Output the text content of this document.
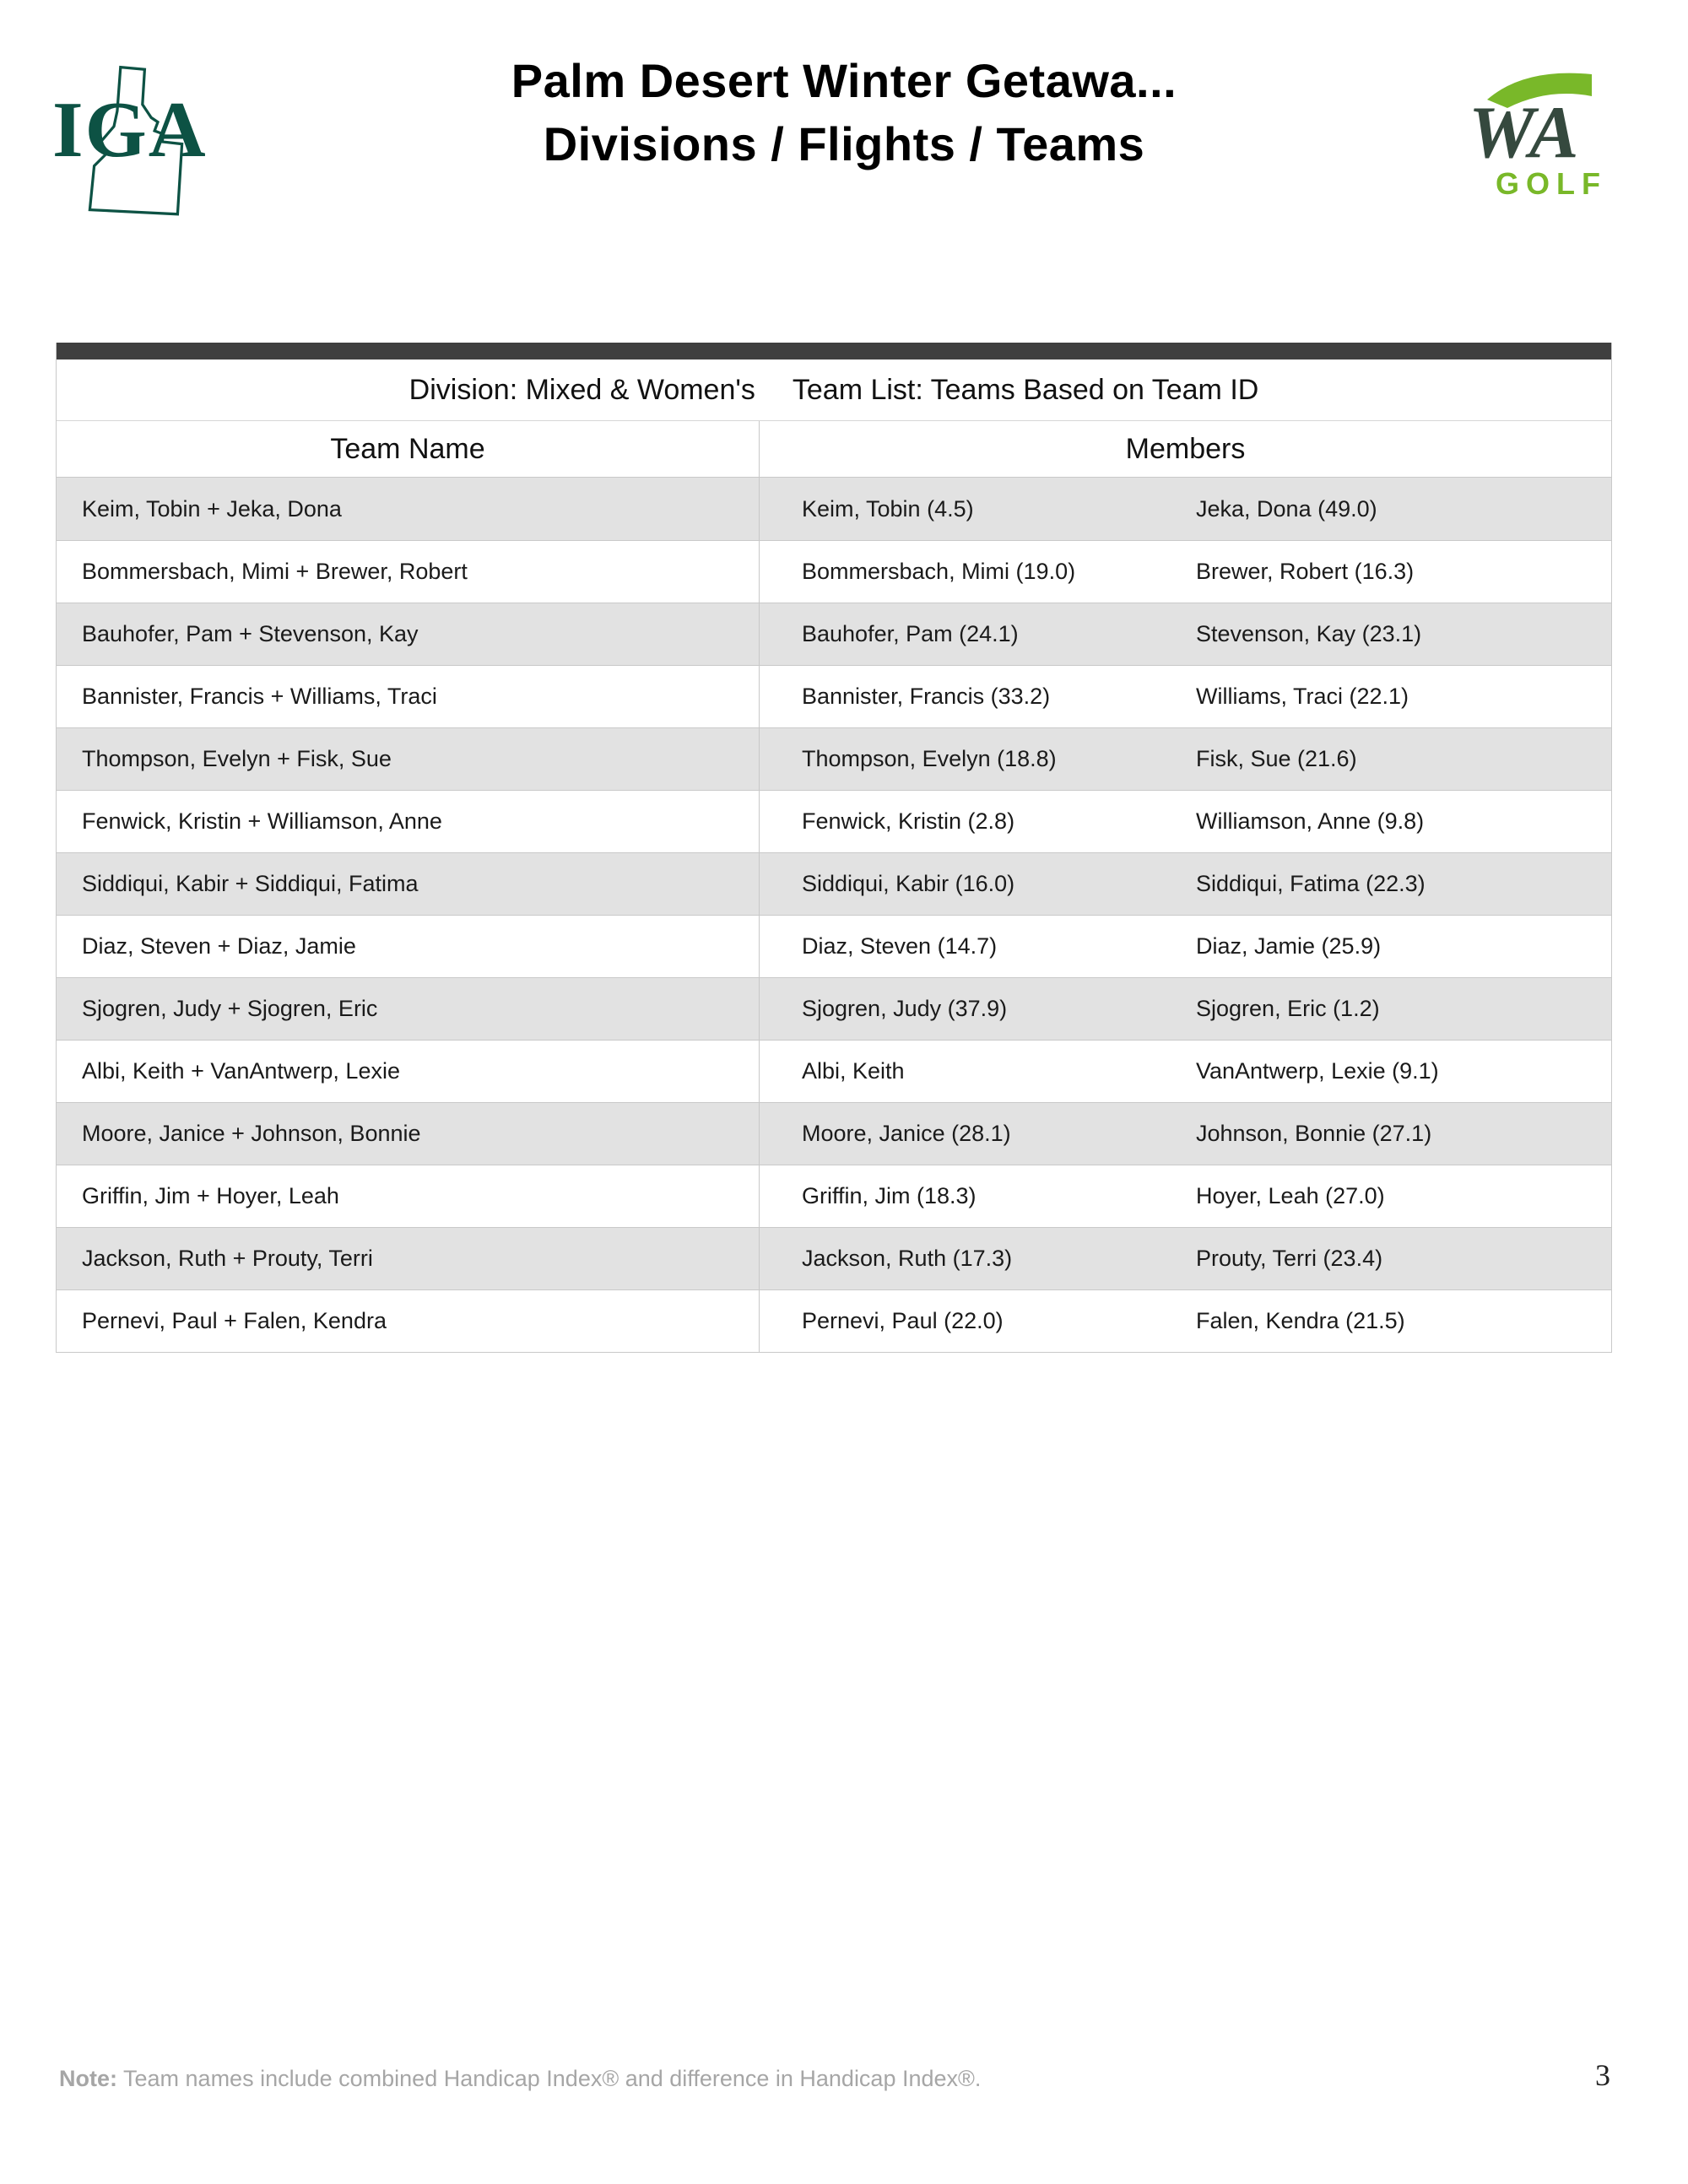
IGA
Palm Desert Winter Getawa...
Divisions / Flights / Teams	WA
GOLF
Division: Mixed & Women's Team List: Teams Based on Team ID
Team Name	Members
Keim, Tobin + Jeka, Dona	Keim, Tobin (4.5)	Jeka, Dona (49.0)
Bommersbach, Mimi + Brewer, Robert	Bommersbach, Mimi (19.0)	Brewer, Robert (16.3)
Bauhofer, Pam + Stevenson, Kay	Bauhofer, Pam (24.1)	Stevenson, Kay (23.1)
Bannister, Francis + Williams, Traci	Bannister, Francis (33.2)	Williams, Traci (22.1)
Thompson, Evelyn + Fisk, Sue	Thompson, Evelyn (18.8)	Fisk, Sue (21.6)
Fenwick, Kristin + Williamson, Anne	Fenwick, Kristin (2.8)	Williamson, Anne (9.8)
Siddiqui, Kabir + Siddiqui, Fatima	Siddiqui, Kabir (16.0)	Siddiqui, Fatima (22.3)
Diaz, Steven + Diaz, Jamie	Diaz, Steven (14.7)	Diaz, Jamie (25.9)
Sjogren, Judy + Sjogren, Eric	Sjogren, Judy (37.9)	Sjogren, Eric (1.2)
Albi, Keith + VanAntwerp, Lexie	Albi, Keith	VanAntwerp, Lexie (9.1)
Moore, Janice + Johnson, Bonnie	Moore, Janice (28.1)	Johnson, Bonnie (27.1)
Griffin, Jim + Hoyer, Leah	Griffin, Jim (18.3)	Hoyer, Leah (27.0)
Jackson, Ruth + Prouty, Terri	Jackson, Ruth (17.3)	Prouty, Terri (23.4)
Pernevi, Paul + Falen, Kendra	Pernevi, Paul (22.0)	Falen, Kendra (21.5)
Note: Team names include combined Handicap Index® and difference in Handicap Index®.	3
